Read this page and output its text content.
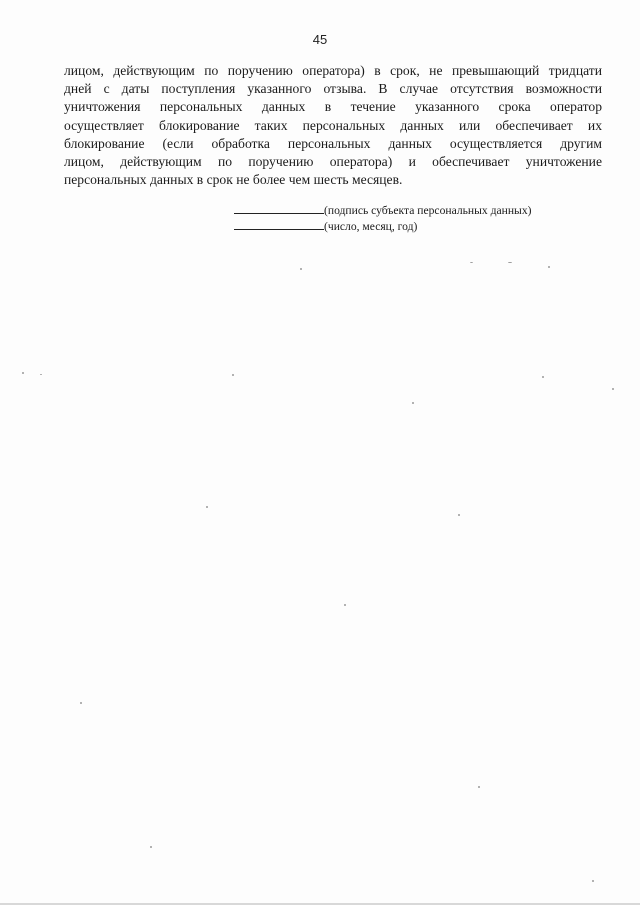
45
лицом, действующим по поручению оператора) в срок, не превышающий тридцати
дней с даты поступления указанного отзыва. В случае отсутствия возможности
уничтожения персональных данных в течение указанного срока оператор
осуществляет блокирование таких персональных данных или обеспечивает их
блокирование (если обработка персональных данных осуществляется другим
лицом, действующим по поручению оператора) и обеспечивает уничтожение
персональных данных в срок не более чем шесть месяцев.
(подпись субъекта персональных данных)
(число, месяц, год)
